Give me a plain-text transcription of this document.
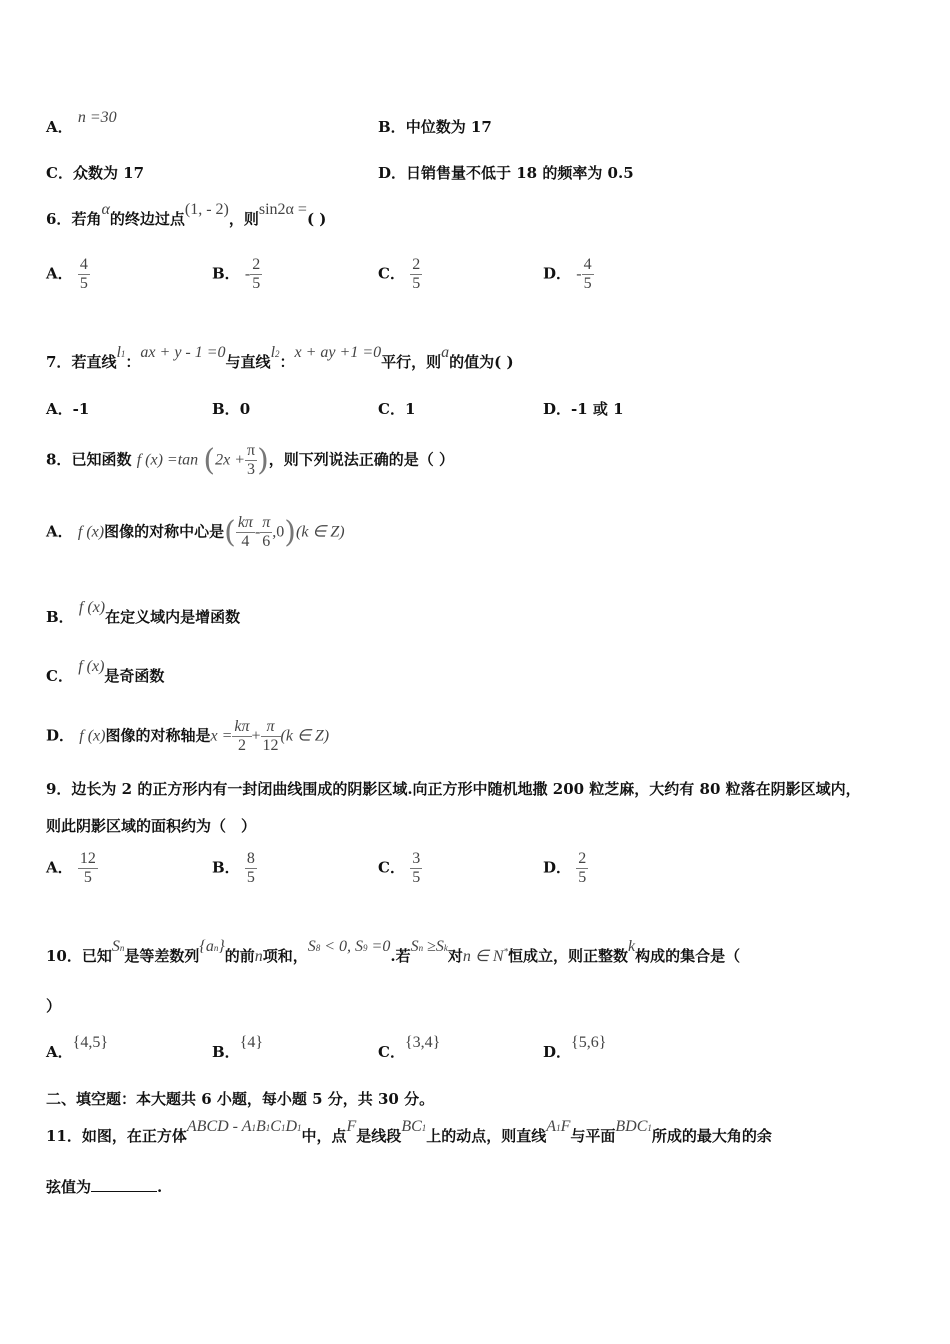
A． n =30
B．中位数为 17
C．众数为 17	D．日销售量不低于 18 的频率为 0.5
6．若角α的终边过点(1, - 2)，则sin2α =( )
A． $\frac{4}{5}$	B． - $\frac{2}{5}$	C． $\frac{2}{5}$	D． - $\frac{4}{5}$
7．若直线l1：ax + y - 1 =0与直线l2：x + ay +1 =0平行，则a的值为( )
A．-1	B．0	C．1	D．-1 或 1
8．已知函数 f (x) =tan ($2x + \frac{\pi}{3}$ )，则下列说法正确的是（ ）
A． f (x)图像的对称中心是( $\frac{k\pi}{4} - \frac{\pi}{6} ,0)(k$ ∈ Z)
B． f (x)在定义域内是增函数
C． f (x)是奇函数
D． f (x)图像的对称轴是$x = \frac{k\pi}{2} + \frac{\pi}{12} (k$ ∈ Z)
9．边长为 2 的正方形内有一封闭曲线围成的阴影区域.向正方形中随机地撒 200 粒芝麻，大约有 80 粒落在阴影区域内，
则此阴影区域的面积约为（　）
A． $\frac{12}{5}$	B． $\frac{8}{5}$	C． $\frac{3}{5}$	D． $\frac{2}{5}$
10．已知Sn是等差数列{an}的前n项和，S8 < 0, S9 =0.若Sn ≥Sk对n ∈ N*恒成立，则正整数k构成的集合是（
）
A．{4,5}
B．{4}
C．{3,4}
D．{5,6}
二、填空题：本大题共 6 小题，每小题 5 分，共 30 分。
11．如图，在正方体ABCD - A1B1C1D1中，点F是线段BC1上的动点，则直线A1F与平面BDC1所成的最大角的余
弦值为	.
